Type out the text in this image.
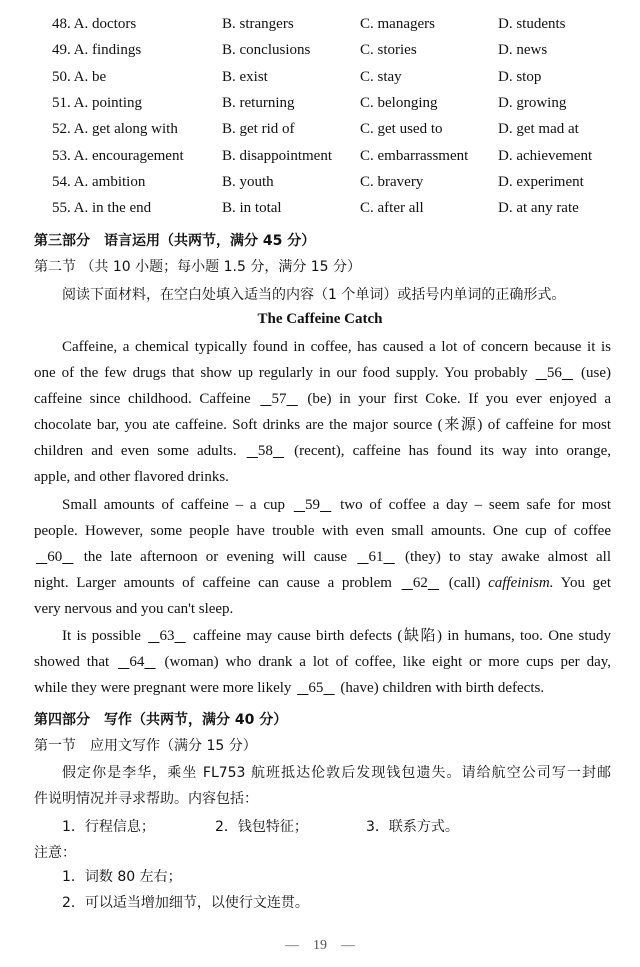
48. A. doctors	B. strangers	C. managers	D. students
49. A. findings	B. conclusions	C. stories	D. news
50. A. be	B. exist	C. stay	D. stop
51. A. pointing	B. returning	C. belonging	D. growing
52. A. get along with	B. get rid of	C. get used to	D. get mad at
53. A. encouragement	B. disappointment C. embarrassment D. achievement
54. A. ambition	B. youth	C. bravery	D. experiment
55. A. in the end	B. in total	C. after all	D. at any rate
第三部分　语言运用（共两节，满分 45 分）
第二节 （共 10 小题；每小题 1.5 分，满分 15 分）
阅读下面材料，在空白处填入适当的内容（1 个单词）或括号内单词的正确形式。
The Caffeine Catch
Caffeine, a chemical typically found in coffee, has caused a lot of concern because it is
one of the few drugs that show up regularly in our food supply. You probably    56    (use)
caffeine since childhood. Caffeine    57    (be) in your first Coke. If you ever enjoyed a
chocolate bar, you ate caffeine. Soft drinks are the major source (来源) of caffeine for most
children and even some adults.    58    (recent), caffeine has found its way into orange,
apple, and other flavored drinks.
Small amounts of caffeine – a cup    59    two of coffee a day – seem safe for most
people. However, some people have trouble with even small amounts. One cup of coffee
60    the late afternoon or evening will cause    61    (they) to stay awake almost all
night. Larger amounts of caffeine can cause a problem    62    (call) caffeinism. You get
very nervous and you can't sleep.
It is possible    63    caffeine may cause birth defects (缺陷) in humans, too. One study
showed that    64    (woman) who drank a lot of coffee, like eight or more cups per day,
while they were pregnant were more likely    65    (have) children with birth defects.
第四部分　写作（共两节，满分 40 分）
第一节　应用文写作（满分 15 分）
假定你是李华，乘坐 FL753 航班抵达伦敦后发现钱包遗失。请给航空公司写一封邮
件说明情况并寻求帮助。内容包括：
1．行程信息；	2．钱包特征；	3．联系方式。
注意：
1．词数 80 左右；
2．可以适当增加细节，以使行文连贯。
—　19　—
